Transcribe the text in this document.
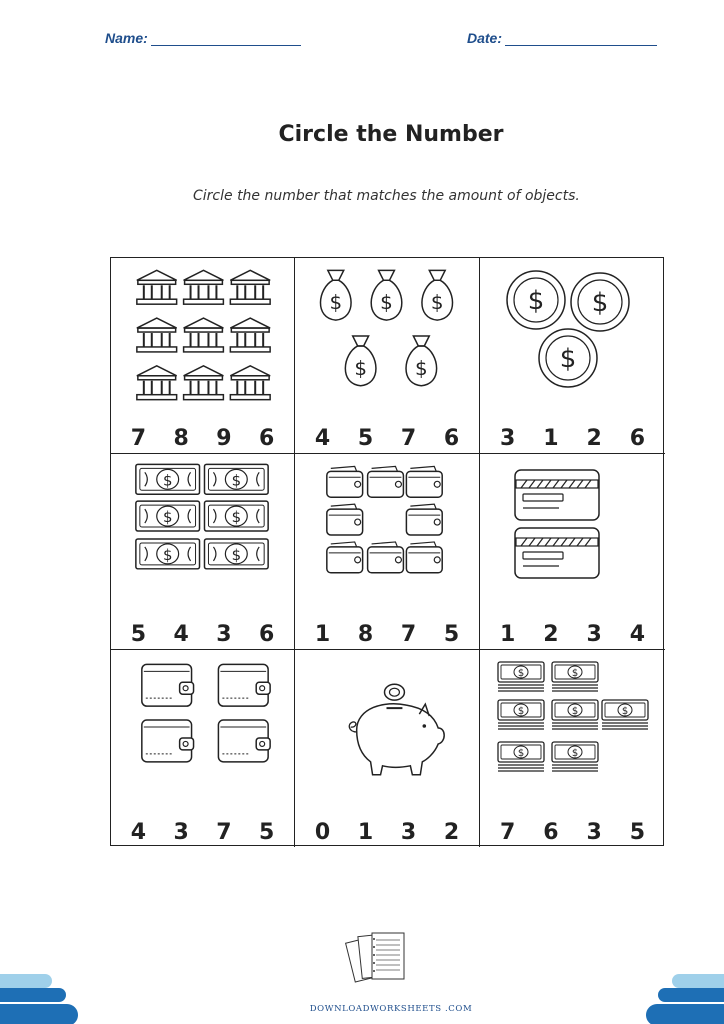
Name:	Date:
Circle the Number
Circle the number that matches the amount of objects.
7	8	9	6
$
4	5	7	6
$
3	1	2	6
$
5	4	3	6	1	8	7	5	1	2	3	4
4	3	7	5	0	1	3	2	7	6	3	5
DOWNLOADWORKSHEETS .COM
